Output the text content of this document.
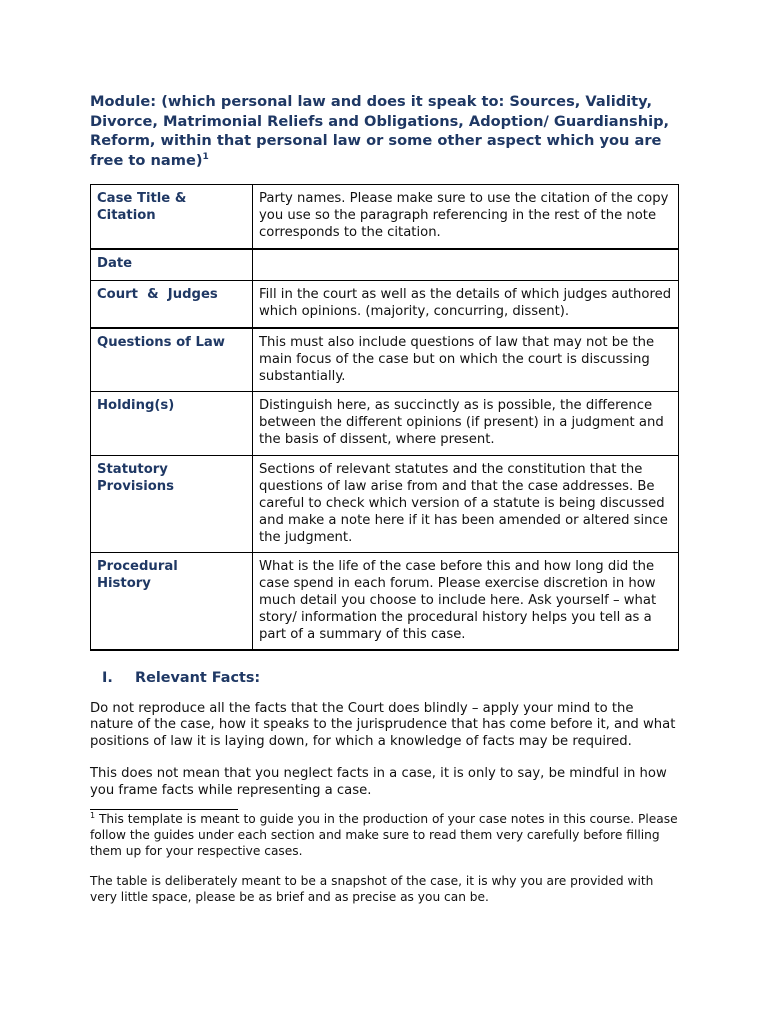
Module: (which personal law and does it speak to: Sources, Validity, Divorce, Matrimonial Reliefs and Obligations, Adoption/ Guardianship, Reform, within that personal law or some other aspect which you are free to name)$^1$
Case Title &
Citation	Party names. Please make sure to use the citation of the copy you use so the paragraph referencing in the rest of the note corresponds to the citation.
Date	
Court  &  Judges	Fill in the court as well as the details of which judges authored which opinions. (majority, concurring, dissent).
Questions of Law	This must also include questions of law that may not be the main focus of the case but on which the court is discussing substantially.
Holding(s)	Distinguish here, as succinctly as is possible, the difference between the different opinions (if present) in a judgment and the basis of dissent, where present.
Statutory
Provisions	Sections of relevant statutes and the constitution that the questions of law arise from and that the case addresses. Be careful to check which version of a statute is being discussed and make a note here if it has been amended or altered since the judgment.
Procedural
History	What is the life of the case before this and how long did the case spend in each forum. Please exercise discretion in how much detail you choose to include here. Ask yourself – what story/ information the procedural history helps you tell as a part of a summary of this case.
I.	Relevant Facts:

Do not reproduce all the facts that the Court does blindly – apply your mind to the nature of the case, how it speaks to the jurisprudence that has come before it, and what positions of law it is laying down, for which a knowledge of facts may be required.

This does not mean that you neglect facts in a case, it is only to say, be mindful in how you frame facts while representing a case.

$^1$ This template is meant to guide you in the production of your case notes in this course. Please follow the guides under each section and make sure to read them very carefully before filling them up for your respective cases.
The table is deliberately meant to be a snapshot of the case, it is why you are provided with very little space, please be as brief and as precise as you can be.
